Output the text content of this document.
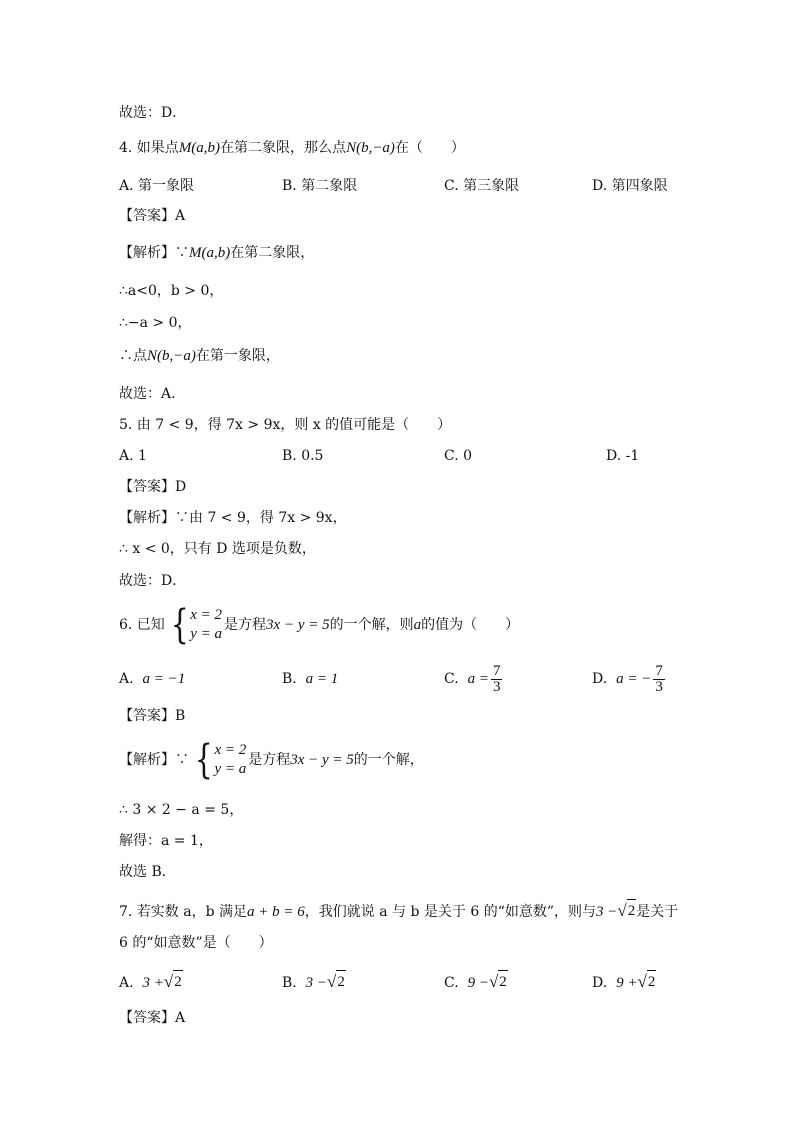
故选：D．
4. 如果点M(a,b)在第二象限，那么点N(b,−a)在（　　）
A. 第一象限	B. 第二象限	C. 第三象限	D. 第四象限
【答案】A
【解析】∵M(a,b)在第二象限，
∴a<0，b > 0，
∴−a > 0，
∴点N(b,−a)在第一象限，
故选：A．
5. 由 7 < 9，得 7x > 9x，则 x 的值可能是（　　）
A. 1	B. 0.5	C. 0	D. -1
【答案】D
【解析】∵由 7 < 9，得 7x > 9x，
∴ x < 0，只有 D 选项是负数，
故选：D．
6. 已知 { x = 2
y = a
是方程3x − y = 5的一个解，则a的值为（　　）
A. a = −1	B. a = 1	C. $a = \frac{7}{3}$	D. a = − $\frac{7}{3}$
【答案】B
【解析】∵ { x = 2
y = a
是方程3x − y = 5的一个解，
∴ 3 × 2 − a = 5，
解得：a = 1，
故选 B．
7. 若实数 a，b 满足a + b = 6，我们就说 a 与 b 是关于 6 的“如意数”，则与3 − √ 2 是关于
6 的“如意数”是（　　）
A. 3 + √ 2	B. 3 − √ 2	C. 9 − √ 2	D. 9 + √ 2
【答案】A
